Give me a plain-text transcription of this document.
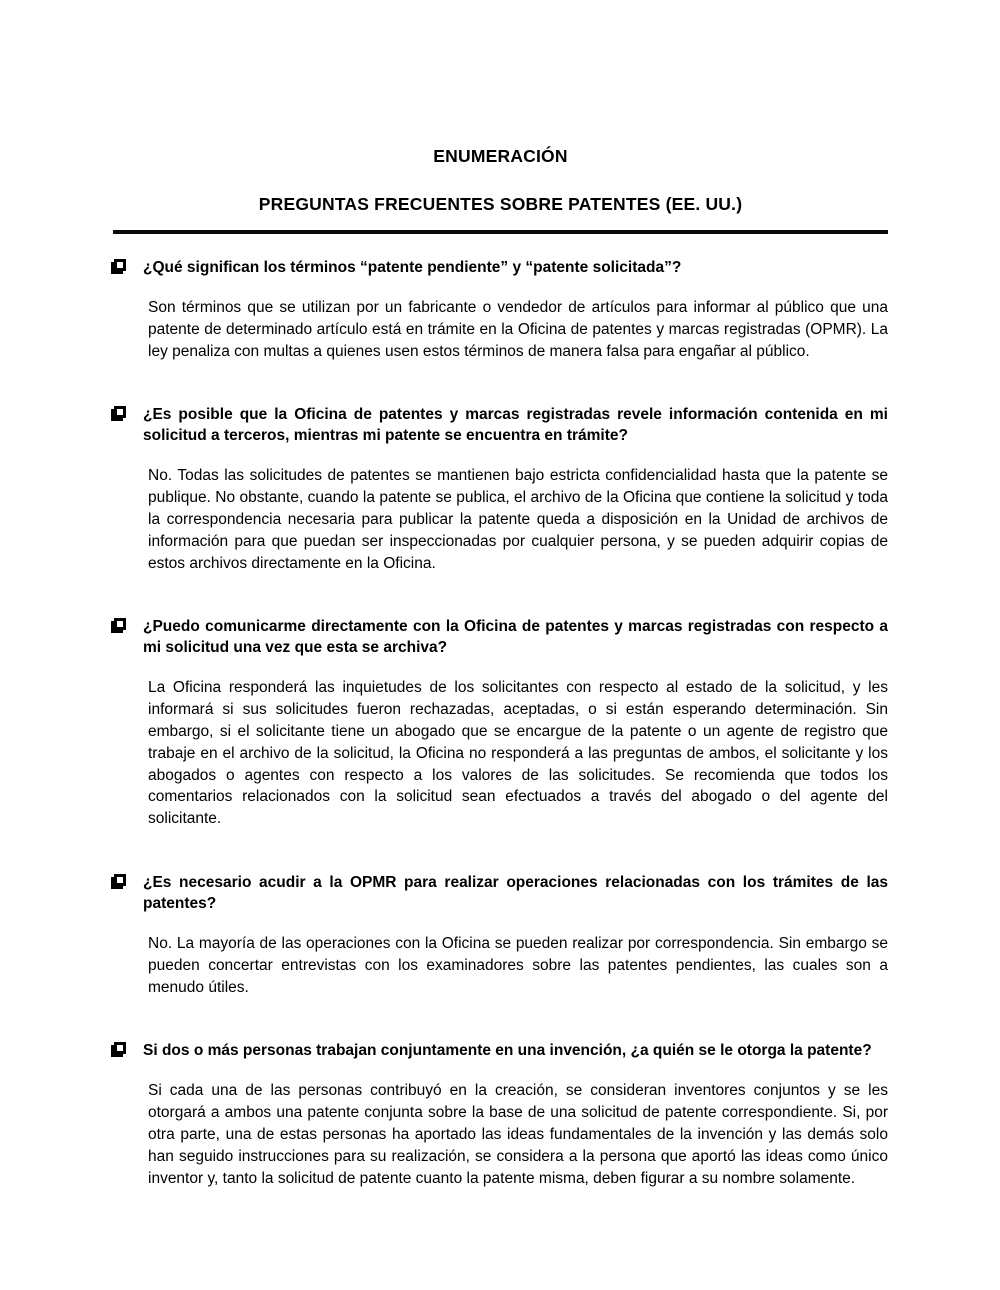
ENUMERACIÓN
PREGUNTAS FRECUENTES SOBRE PATENTES (EE. UU.)
¿Qué significan los términos “patente pendiente” y “patente solicitada”?

Son términos que se utilizan por un fabricante o vendedor de artículos para informar al público que una patente de determinado artículo está en trámite en la Oficina de patentes y marcas registradas (OPMR). La ley penaliza con multas a quienes usen estos términos de manera falsa para engañar al público.

¿Es posible que la Oficina de patentes y marcas registradas revele información contenida en mi solicitud a terceros, mientras mi patente se encuentra en trámite?

No. Todas las solicitudes de patentes se mantienen bajo estricta confidencialidad hasta que la patente se publique. No obstante, cuando la patente se publica, el archivo de la Oficina que contiene la solicitud y toda la correspondencia necesaria para publicar la patente queda a disposición en la Unidad de archivos de información para que puedan ser inspeccionadas por cualquier persona, y se pueden adquirir copias de estos archivos directamente en la Oficina.

¿Puedo comunicarme directamente con la Oficina de patentes y marcas registradas con respecto a mi solicitud una vez que esta se archiva?

La Oficina responderá las inquietudes de los solicitantes con respecto al estado de la solicitud, y les informará si sus solicitudes fueron rechazadas, aceptadas, o si están esperando determinación. Sin embargo, si el solicitante tiene un abogado que se encargue de la patente o un agente de registro que trabaje en el archivo de la solicitud, la Oficina no responderá a las preguntas de ambos, el solicitante y los abogados o agentes con respecto a los valores de las solicitudes. Se recomienda que todos los comentarios relacionados con la solicitud sean efectuados a través del abogado o del agente del solicitante.

¿Es necesario acudir a la OPMR para realizar operaciones relacionadas con los trámites de las patentes?

No. La mayoría de las operaciones con la Oficina se pueden realizar por correspondencia. Sin embargo se pueden concertar entrevistas con los examinadores sobre las patentes pendientes, las cuales son a menudo útiles.

Si dos o más personas trabajan conjuntamente en una invención, ¿a quién se le otorga la patente?

Si cada una de las personas contribuyó en la creación, se consideran inventores conjuntos y se les otorgará a ambos una patente conjunta sobre la base de una solicitud de patente correspondiente. Si, por otra parte, una de estas personas ha aportado las ideas fundamentales de la invención y las demás solo han seguido instrucciones para su realización, se considera a la persona que aportó las ideas como único inventor y, tanto la solicitud de patente cuanto la patente misma, deben figurar a su nombre solamente.
